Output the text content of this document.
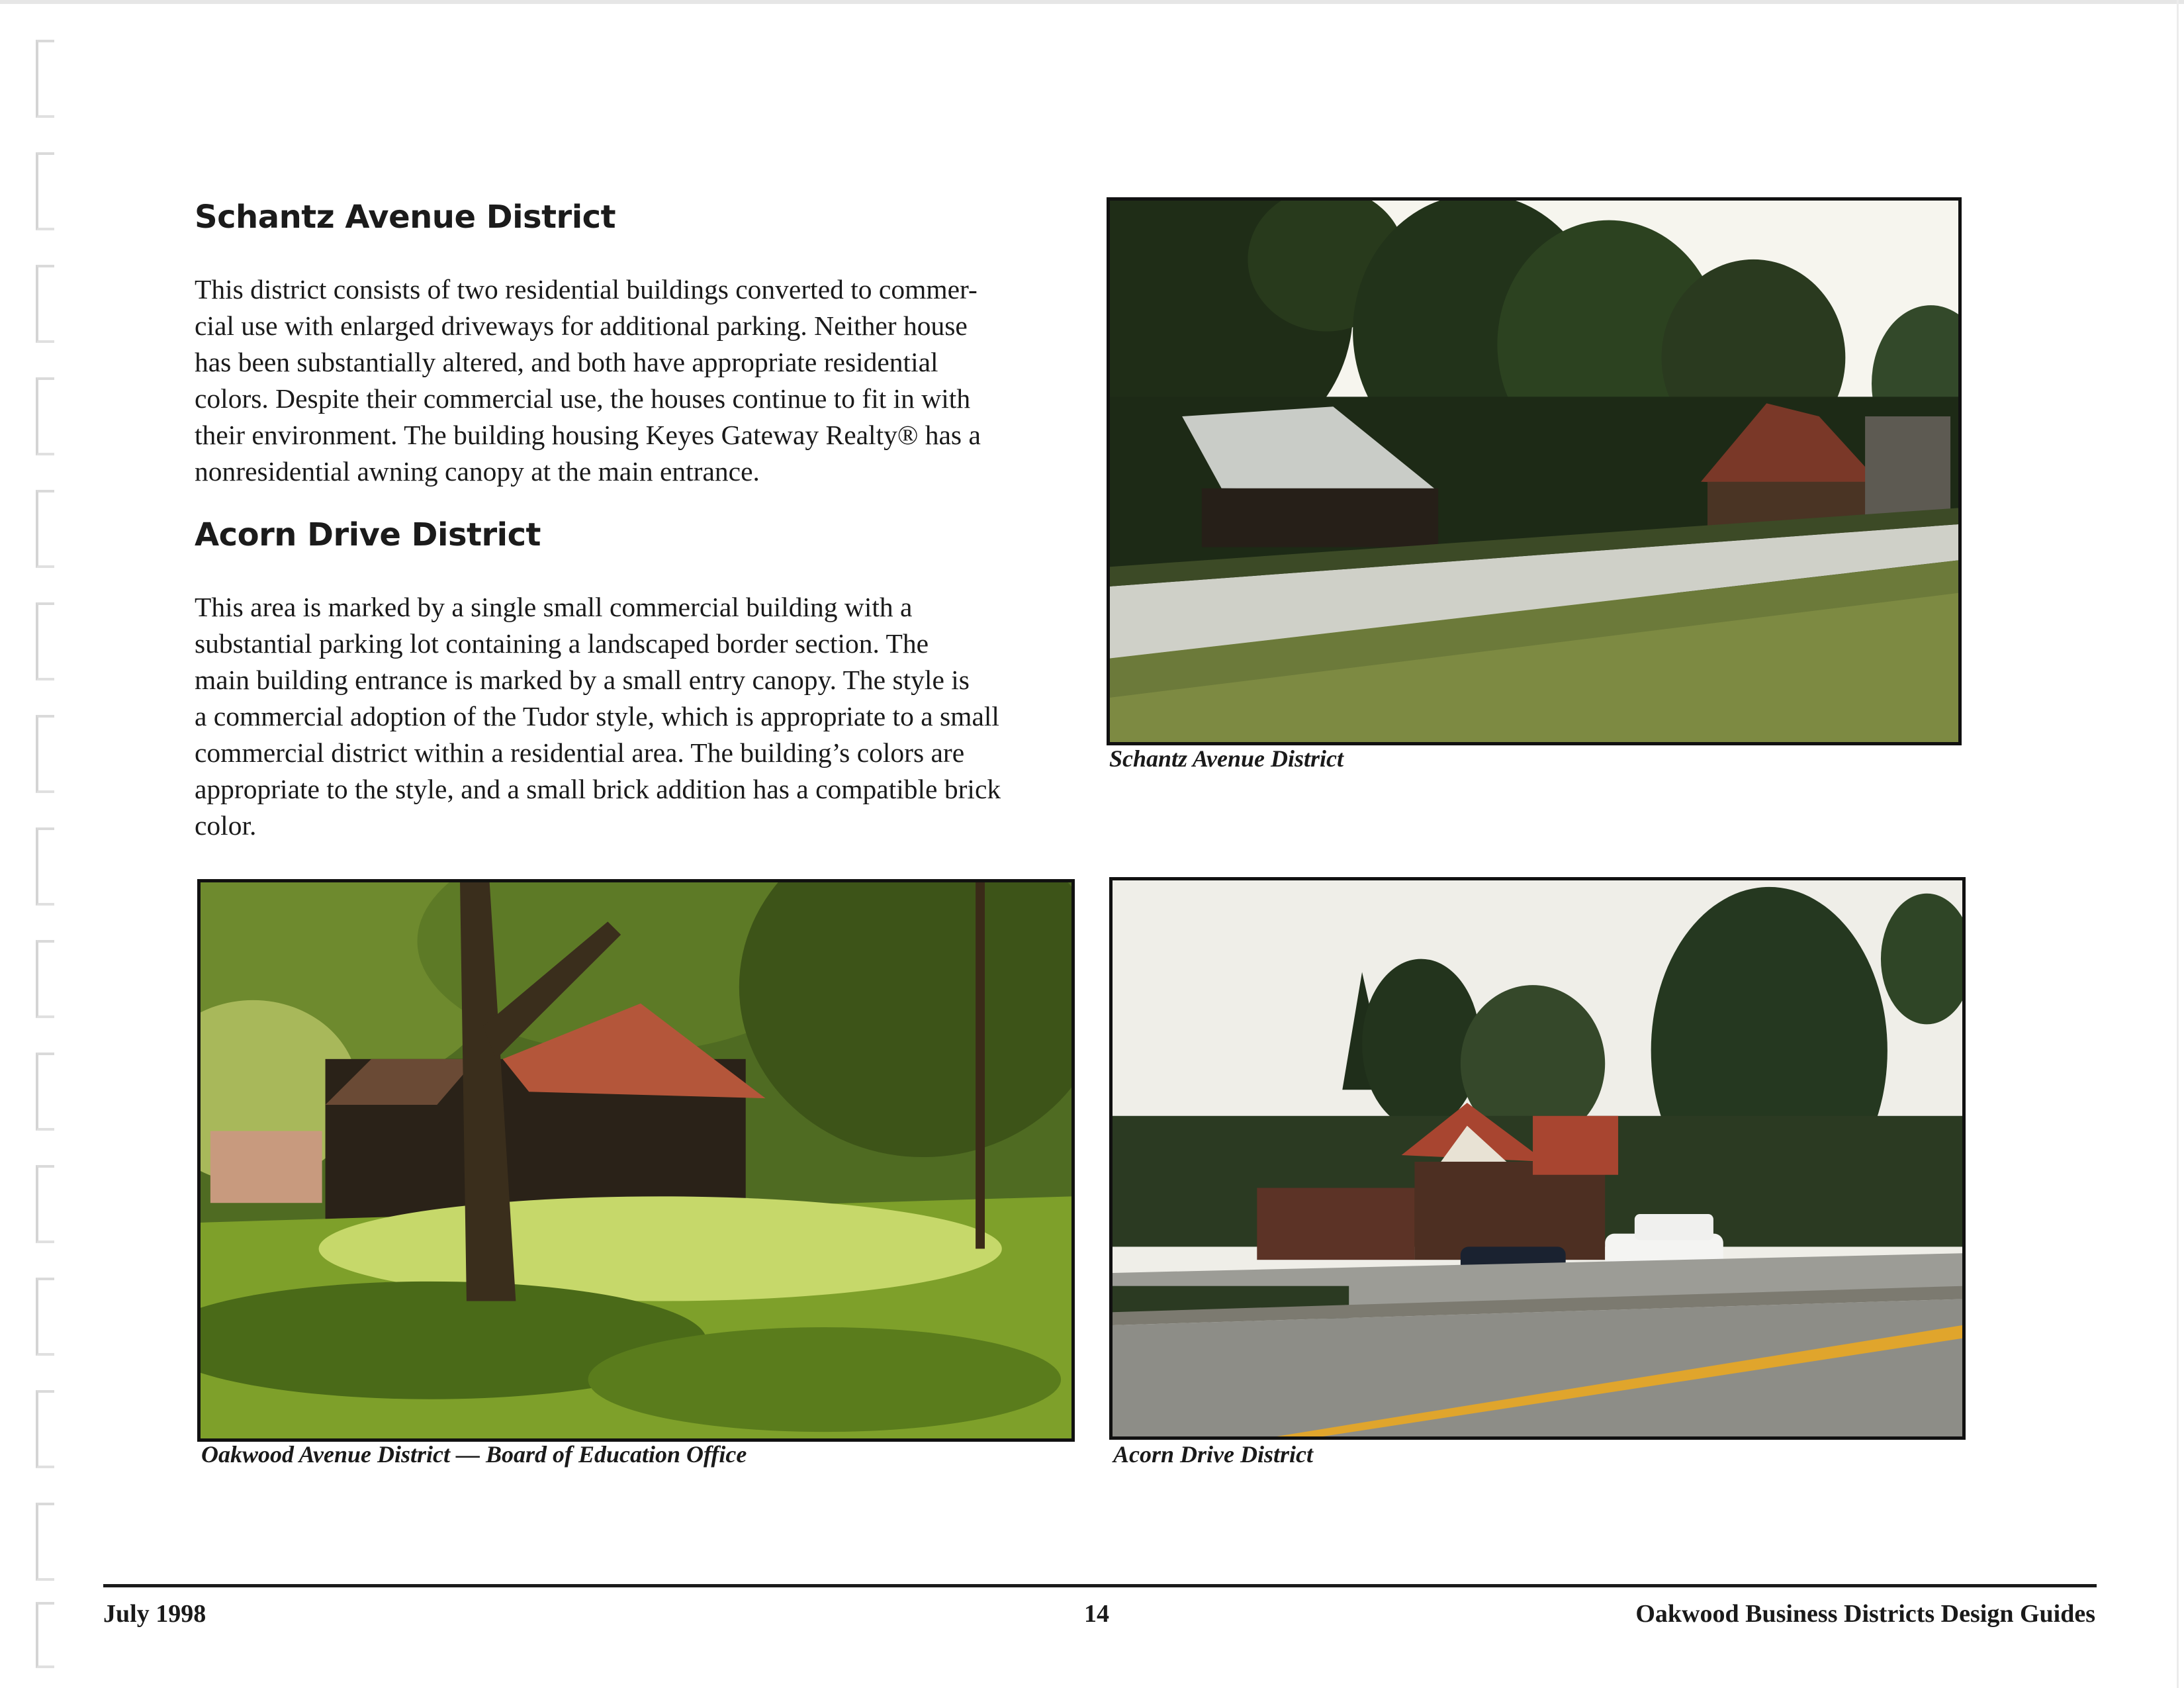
Schantz Avenue District
This district consists of two residential buildings converted to commer-
cial use with enlarged driveways for additional parking. Neither house
has been substantially altered, and both have appropriate residential
colors. Despite their commercial use, the houses continue to fit in with
their environment. The building housing Keyes Gateway Realty® has a
nonresidential awning canopy at the main entrance.
Acorn Drive District
This area is marked by a single small commercial building with a
substantial parking lot containing a landscaped border section. The
main building entrance is marked by a small entry canopy. The style is
a commercial adoption of the Tudor style, which is appropriate to a small
commercial district within a residential area. The building’s colors are
appropriate to the style, and a small brick addition has a compatible brick
color.
Schantz Avenue District
Oakwood Avenue District — Board of Education Office	Acorn Drive District
July 1998	14	Oakwood Business Districts Design Guides
